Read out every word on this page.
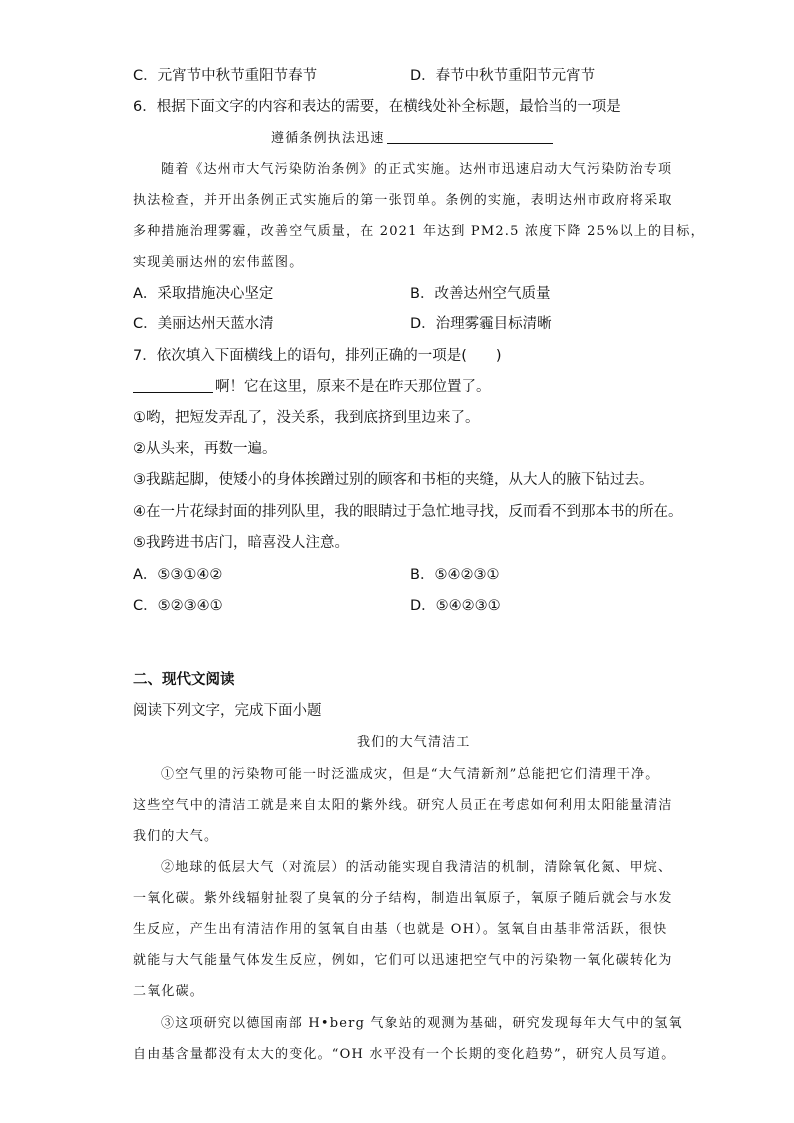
C．元宵节中秋节重阳节春节	D．春节中秋节重阳节元宵节
6．根据下面文字的内容和表达的需要，在横线处补全标题，最恰当的一项是
遵循条例执法迅速
随着《达州市大气污染防治条例》的正式实施。达州市迅速启动大气污染防治专项
执法检查，并开出条例正式实施后的第一张罚单。条例的实施，表明达州市政府将采取
多种措施治理雾霾，改善空气质量，在 2021 年达到 PM2.5 浓度下降 25%以上的目标，
实现美丽达州的宏伟蓝图。
A．采取措施决心坚定	B．改善达州空气质量
C．美丽达州天蓝水清	D．治理雾霾目标清晰
7．依次填入下面横线上的语句，排列正确的一项是(　　)
啊！它在这里，原来不是在昨天那位置了。
①哟，把短发弄乱了，没关系，我到底挤到里边来了。
②从头来，再数一遍。
③我踮起脚，使矮小的身体挨蹭过别的顾客和书柜的夹缝，从大人的腋下钻过去。
④在一片花绿封面的排列队里，我的眼睛过于急忙地寻找，反而看不到那本书的所在。
⑤我跨进书店门，暗喜没人注意。
A．⑤③①④②	B．⑤④②③①
C．⑤②③④①	D．⑤④②③①
二、现代文阅读
阅读下列文字，完成下面小题
我们的大气清洁工
①空气里的污染物可能一时泛滥成灾，但是“大气清新剂”总能把它们清理干净。
这些空气中的清洁工就是来自太阳的紫外线。研究人员正在考虑如何利用太阳能量清洁
我们的大气。
②地球的低层大气（对流层）的活动能实现自我清洁的机制，清除氧化氮、甲烷、
一氧化碳。紫外线辐射扯裂了臭氧的分子结构，制造出氧原子，氧原子随后就会与水发
生反应，产生出有清洁作用的氢氧自由基（也就是 OH）。氢氧自由基非常活跃，很快
就能与大气能量气体发生反应，例如，它们可以迅速把空气中的污染物一氧化碳转化为
二氧化碳。
③这项研究以德国南部 H•berg 气象站的观测为基础，研究发现每年大气中的氢氧
自由基含量都没有太大的变化。“OH 水平没有一个长期的变化趋势”，研究人员写道。
